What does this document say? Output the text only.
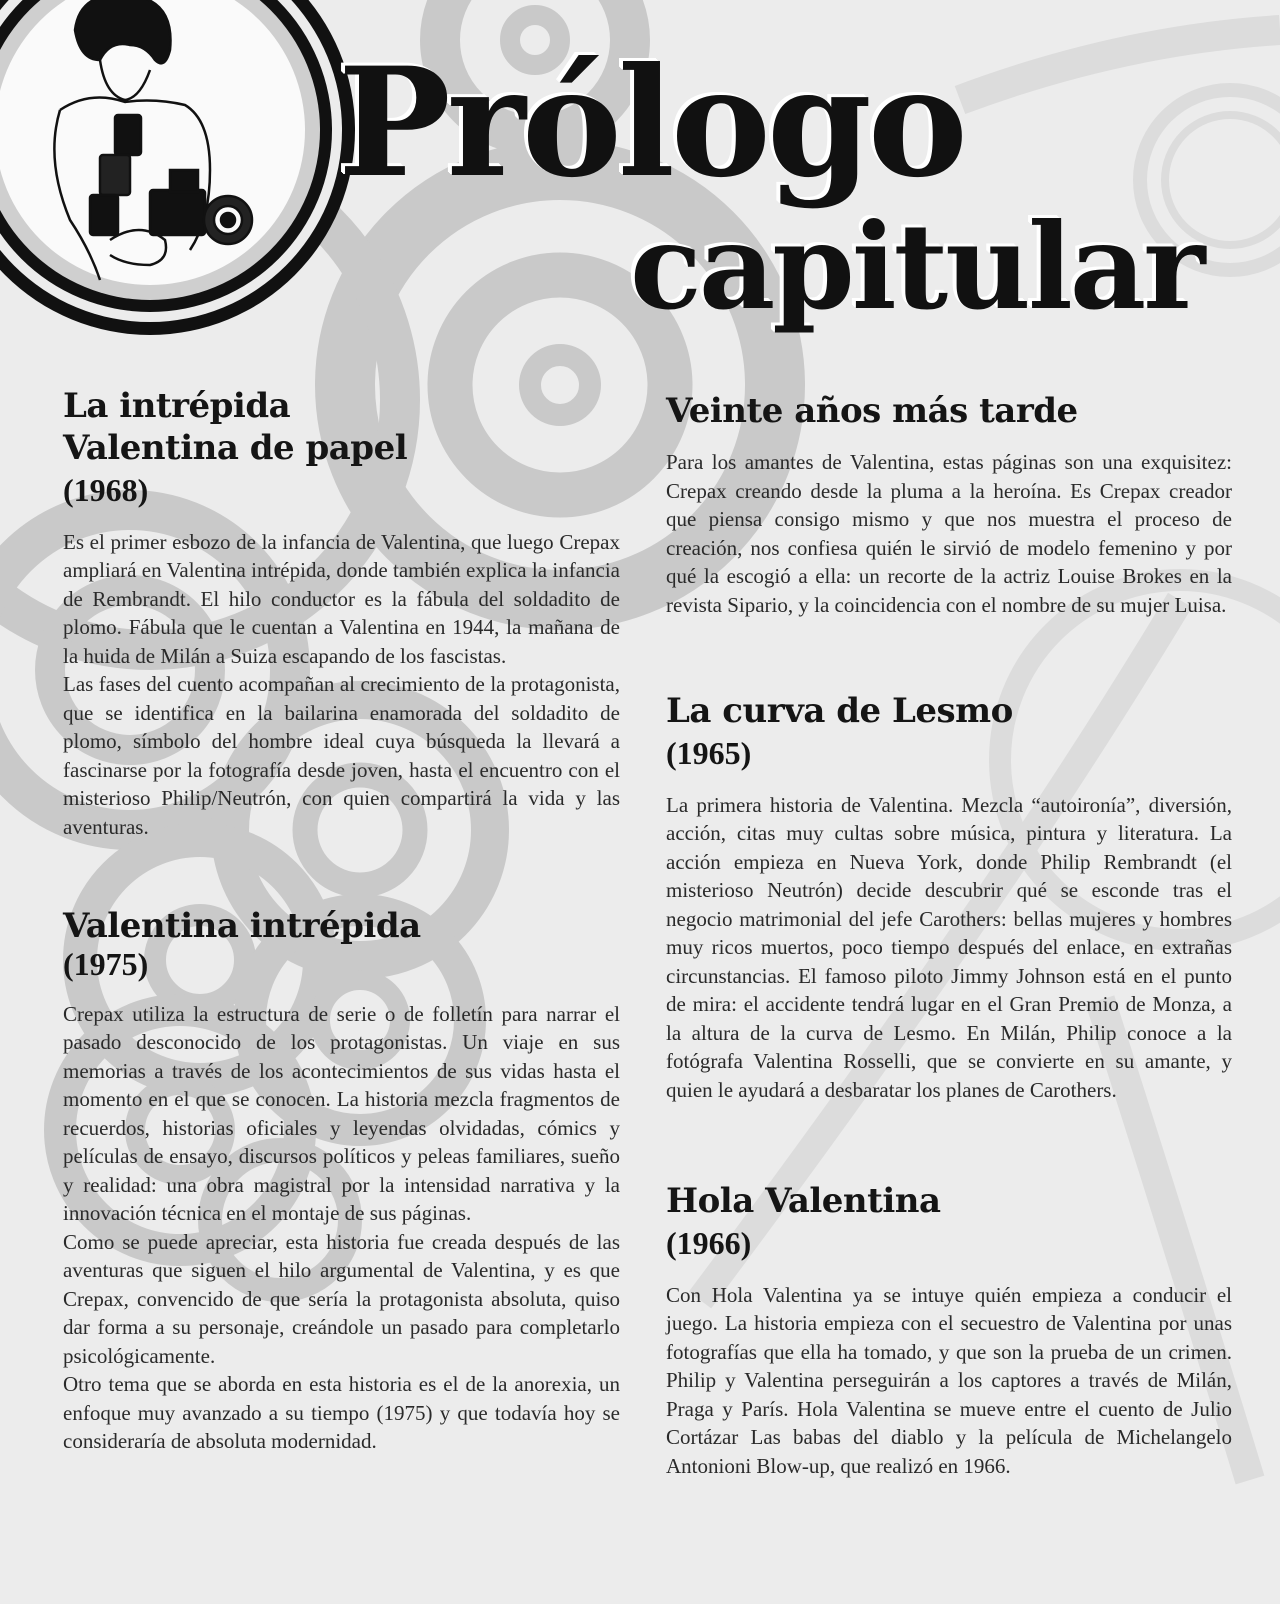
Prólogo
capitular
La intrépida
Valentina de papel
(1968)

Es el primer esbozo de la infancia de Valentina, que luego Crepax ampliará en Valentina intrépida, donde también explica la infancia de Rembrandt. El hilo conductor es la fábula del soldadito de plomo. Fábula que le cuentan a Valentina en 1944, la mañana de la huida de Milán a Suiza escapando de los fascistas.

Las fases del cuento acompañan al crecimiento de la protagonista, que se identifica en la bailarina enamorada del soldadito de plomo, símbolo del hombre ideal cuya búsqueda la llevará a fascinarse por la fotografía desde joven, hasta el encuentro con el misterioso Philip/Neutrón, con quien compartirá la vida y las aventuras.

Valentina intrépida
(1975)

Crepax utiliza la estructura de serie o de folletín para narrar el pasado desconocido de los protagonistas. Un viaje en sus memorias a través de los acontecimientos de sus vidas hasta el momento en el que se conocen. La historia mezcla fragmentos de recuerdos, historias oficiales y leyendas olvidadas, cómics y películas de ensayo, discursos políticos y peleas familiares, sueño y realidad: una obra magistral por la intensidad narrativa y la innovación técnica en el montaje de sus páginas.

Como se puede apreciar, esta historia fue creada después de las aventuras que siguen el hilo argumental de Valentina, y es que Crepax, convencido de que sería la protagonista absoluta, quiso dar forma a su personaje, creándole un pasado para completarlo psicológicamente.

Otro tema que se aborda en esta historia es el de la anorexia, un enfoque muy avanzado a su tiempo (1975) y que todavía hoy se consideraría de absoluta modernidad.

Veinte años más tarde

Para los amantes de Valentina, estas páginas son una exquisitez: Crepax creando desde la pluma a la heroína. Es Crepax creador que piensa consigo mismo y que nos muestra el proceso de creación, nos confiesa quién le sirvió de modelo femenino y por qué la escogió a ella: un recorte de la actriz Louise Brokes en la revista Sipario, y la coincidencia con el nombre de su mujer Luisa.

La curva de Lesmo
(1965)

La primera historia de Valentina. Mezcla “autoironía”, diversión, acción, citas muy cultas sobre música, pintura y literatura. La acción empieza en Nueva York, donde Philip Rembrandt (el misterioso Neutrón) decide descubrir qué se esconde tras el negocio matrimonial del jefe Carothers: bellas mujeres y hombres muy ricos muertos, poco tiempo después del enlace, en extrañas circunstancias. El famoso piloto Jimmy Johnson está en el punto de mira: el accidente tendrá lugar en el Gran Premio de Monza, a la altura de la curva de Lesmo. En Milán, Philip conoce a la fotógrafa Valentina Rosselli, que se convierte en su amante, y quien le ayudará a desbaratar los planes de Carothers.

Hola Valentina
(1966)

Con Hola Valentina ya se intuye quién empieza a conducir el juego. La historia empieza con el secuestro de Valentina por unas fotografías que ella ha tomado, y que son la prueba de un crimen. Philip y Valentina perseguirán a los captores a través de Milán, Praga y París. Hola Valentina se mueve entre el cuento de Julio Cortázar Las babas del diablo y la película de Michelangelo Antonioni Blow-up, que realizó en 1966.
